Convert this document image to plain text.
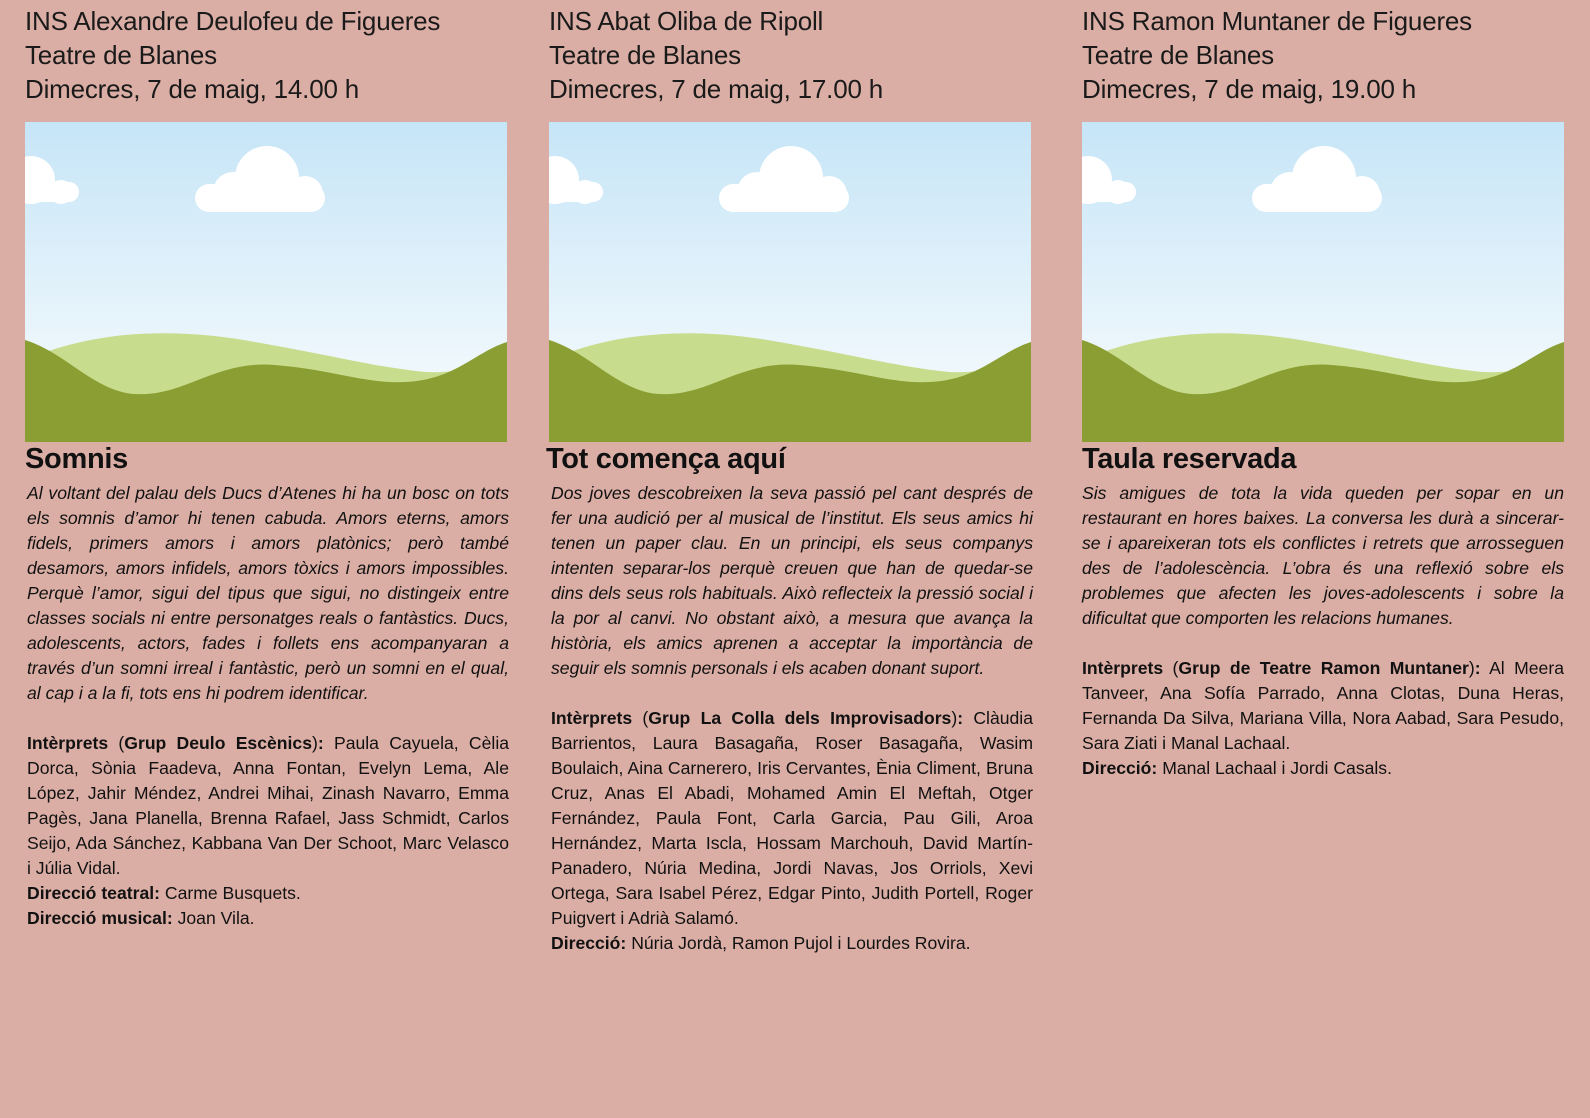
INS Alexandre Deulofeu de Figueres
Teatre de Blanes
Dimecres, 7 de maig, 14.00 h
Somnis

Al voltant del palau dels Ducs d’Atenes hi ha un bosc on tots els somnis d’amor hi tenen cabuda. Amors eterns, amors fidels, primers amors i amors platònics; però també desamors, amors infidels, amors tòxics i amors impossibles. Perquè l’amor, sigui del tipus que sigui, no distingeix entre classes socials ni entre personatges reals o fantàstics. Ducs, adolescents, actors, fades i follets ens acompanyaran a través d’un somni irreal i fantàstic, però un somni en el qual, al cap i a la fi, tots ens hi podrem identificar.

Intèrprets (Grup Deulo Escènics): Paula Cayuela, Cèlia Dorca, Sònia Faadeva, Anna Fontan, Evelyn Lema, Ale López, Jahir Méndez, Andrei Mihai, Zinash Navarro, Emma Pagès, Jana Planella, Brenna Rafael, Jass Schmidt, Carlos Seijo, Ada Sánchez, Kabbana Van Der Schoot, Marc Velasco i Júlia Vidal.

Direcció teatral: Carme Busquets.

Direcció musical: Joan Vila.

INS Abat Oliba de Ripoll
Teatre de Blanes
Dimecres, 7 de maig, 17.00 h
Tot comença aquí

Dos joves descobreixen la seva passió pel cant després de fer una audició per al musical de l’institut. Els seus amics hi tenen un paper clau. En un principi, els seus companys intenten separar-los perquè creuen que han de quedar-se dins dels seus rols habituals. Això reflecteix la pressió social i la por al canvi. No obstant això, a mesura que avança la història, els amics aprenen a acceptar la importància de seguir els somnis personals i els acaben donant suport.

Intèrprets (Grup La Colla dels Improvisadors): Clàudia Barrientos, Laura Basagaña, Roser Basagaña, Wasim Boulaich, Aina Carnerero, Iris Cervantes, Ènia Climent, Bruna Cruz, Anas El Abadi, Mohamed Amin El Meftah, Otger Fernández, Paula Font, Carla Garcia, Pau Gili, Aroa Hernández, Marta Iscla, Hossam Marchouh, David Martín-Panadero, Núria Medina, Jordi Navas, Jos Orriols, Xevi Ortega, Sara Isabel Pérez, Edgar Pinto, Judith Portell, Roger Puigvert i Adrià Salamó.

Direcció: Núria Jordà, Ramon Pujol i Lourdes Rovira.

INS Ramon Muntaner de Figueres
Teatre de Blanes
Dimecres, 7 de maig, 19.00 h
Taula reservada

Sis amigues de tota la vida queden per sopar en un restaurant en hores baixes. La conversa les durà a sincerar-se i apareixeran tots els conflictes i retrets que arrosseguen des de l’adolescència. L’obra és una reflexió sobre els problemes que afecten les joves-adolescents i sobre la dificultat que comporten les relacions humanes.

Intèrprets (Grup de Teatre Ramon Muntaner): Al Meera Tanveer, Ana Sofía Parrado, Anna Clotas, Duna Heras, Fernanda Da Silva, Mariana Villa, Nora Aabad, Sara Pesudo, Sara Ziati i Manal Lachaal.

Direcció: Manal Lachaal i Jordi Casals.
